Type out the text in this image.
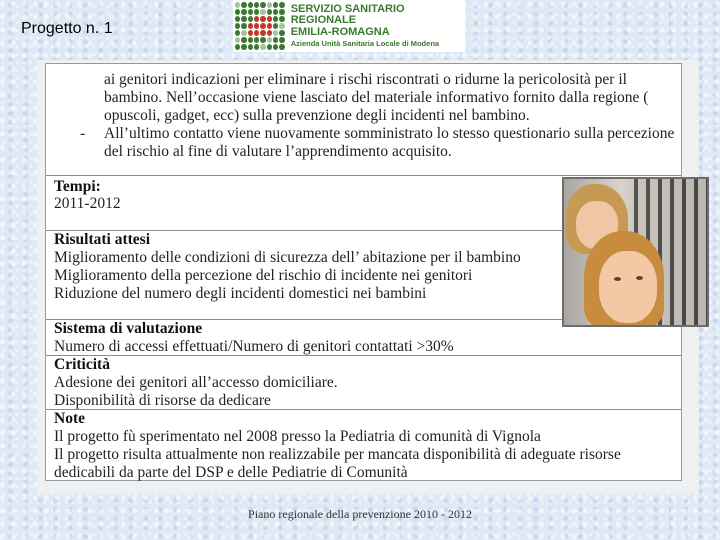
Progetto n. 1
SERVIZIO SANITARIO REGIONALE
EMILIA-ROMAGNA
Azienda Unità Sanitaria Locale di Modena
ai genitori indicazioni per eliminare i rischi riscontrati o ridurne la pericolosità per il
bambino. Nell’occasione viene lasciato del materiale informativo fornito dalla regione (
opuscoli, gadget, ecc) sulla prevenzione degli incidenti nel bambino.
- All’ultimo contatto viene nuovamente somministrato lo stesso questionario sulla percezione
del rischio al fine di valutare l’apprendimento acquisito.
Tempi:
2011-2012
Risultati attesi
Miglioramento delle condizioni di sicurezza dell’ abitazione per il bambino
Miglioramento della percezione del rischio di incidente nei genitori
Riduzione del numero degli incidenti domestici nei bambini
Sistema di valutazione
Numero di accessi effettuati/Numero di genitori contattati >30%
Criticità
Adesione dei genitori all’accesso domiciliare.
Disponibilità di risorse da dedicare
Note
Il progetto fù sperimentato nel 2008 presso la Pediatria di comunità di Vignola
Il progetto risulta attualmente non realizzabile per mancata disponibilità di adeguate risorse
dedicabili da parte del DSP e delle Pediatrie di Comunità
Piano regionale della prevenzione 2010 - 2012
